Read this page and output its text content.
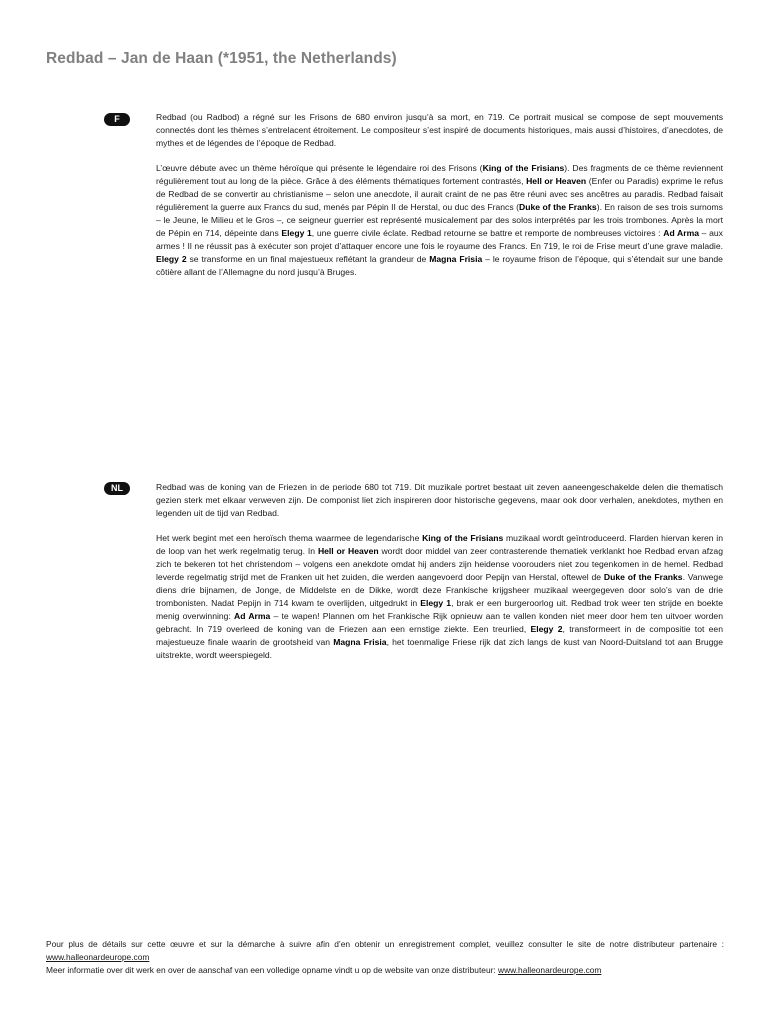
Redbad – Jan de Haan (*1951, the Netherlands)
F	Redbad (ou Radbod) a régné sur les Frisons de 680 environ jusqu’à sa mort, en 719. Ce portrait musical se compose de sept mouvements connectés dont les thèmes s’entrelacent étroitement. Le compositeur s’est inspiré de documents historiques, mais aussi d’histoires, d’anecdotes, de mythes et de légendes de l’époque de Redbad.

L’œuvre débute avec un thème héroïque qui présente le légendaire roi des Frisons (King of the Frisians). Des fragments de ce thème reviennent régulièrement tout au long de la pièce. Grâce à des éléments thématiques fortement contrastés, Hell or Heaven (Enfer ou Paradis) exprime le refus de Redbad de se convertir au christianisme – selon une anecdote, il aurait craint de ne pas être réuni avec ses ancêtres au paradis. Redbad faisait régulièrement la guerre aux Francs du sud, menés par Pépin II de Herstal, ou duc des Francs (Duke of the Franks). En raison de ses trois surnoms – le Jeune, le Milieu et le Gros –, ce seigneur guerrier est représenté musicalement par des solos interprétés par les trois trombones. Après la mort de Pépin en 714, dépeinte dans Elegy 1, une guerre civile éclate. Redbad retourne se battre et remporte de nombreuses victoires : Ad Arma – aux armes ! Il ne réussit pas à exécuter son projet d’attaquer encore une fois le royaume des Francs. En 719, le roi de Frise meurt d’une grave maladie. Elegy 2 se transforme en un final majestueux reflétant la grandeur de Magna Frisia – le royaume frison de l’époque, qui s’étendait sur une bande côtière allant de l’Allemagne du nord jusqu’à Bruges.

NL	Redbad was de koning van de Friezen in de periode 680 tot 719. Dit muzikale portret bestaat uit zeven aaneengeschakelde delen die thematisch gezien sterk met elkaar verweven zijn. De componist liet zich inspireren door historische gegevens, maar ook door verhalen, anekdotes, mythen en legenden uit de tijd van Redbad.

Het werk begint met een heroïsch thema waarmee de legendarische King of the Frisians muzikaal wordt geïntroduceerd. Flarden hiervan keren in de loop van het werk regelmatig terug. In Hell or Heaven wordt door middel van zeer contrasterende thematiek verklankt hoe Redbad ervan afzag zich te bekeren tot het christendom – volgens een anekdote omdat hij anders zijn heidense voorouders niet zou tegenkomen in de hemel. Redbad leverde regelmatig strijd met de Franken uit het zuiden, die werden aangevoerd door Pepijn van Herstal, oftewel de Duke of the Franks. Vanwege diens drie bijnamen, de Jonge, de Middelste en de Dikke, wordt deze Frankische krijgsheer muzikaal weergegeven door solo’s van de drie trombonisten. Nadat Pepijn in 714 kwam te overlijden, uitgedrukt in Elegy 1, brak er een burgeroorlog uit. Redbad trok weer ten strijde en boekte menig overwinning: Ad Arma – te wapen! Plannen om het Frankische Rijk opnieuw aan te vallen konden niet meer door hem ten uitvoer worden gebracht. In 719 overleed de koning van de Friezen aan een ernstige ziekte. Een treurlied, Elegy 2, transformeert in de compositie tot een majestueuze finale waarin de grootsheid van Magna Frisia, het toenmalige Friese rijk dat zich langs de kust van Noord-Duitsland tot aan Brugge uitstrekte, wordt weerspiegeld.

Pour plus de détails sur cette œuvre et sur la démarche à suivre afin d’en obtenir un enregistrement complet, veuillez consulter le site de notre distributeur partenaire : www.halleonardeurope.com

Meer informatie over dit werk en over de aanschaf van een volledige opname vindt u op de website van onze distributeur: www.halleonardeurope.com
